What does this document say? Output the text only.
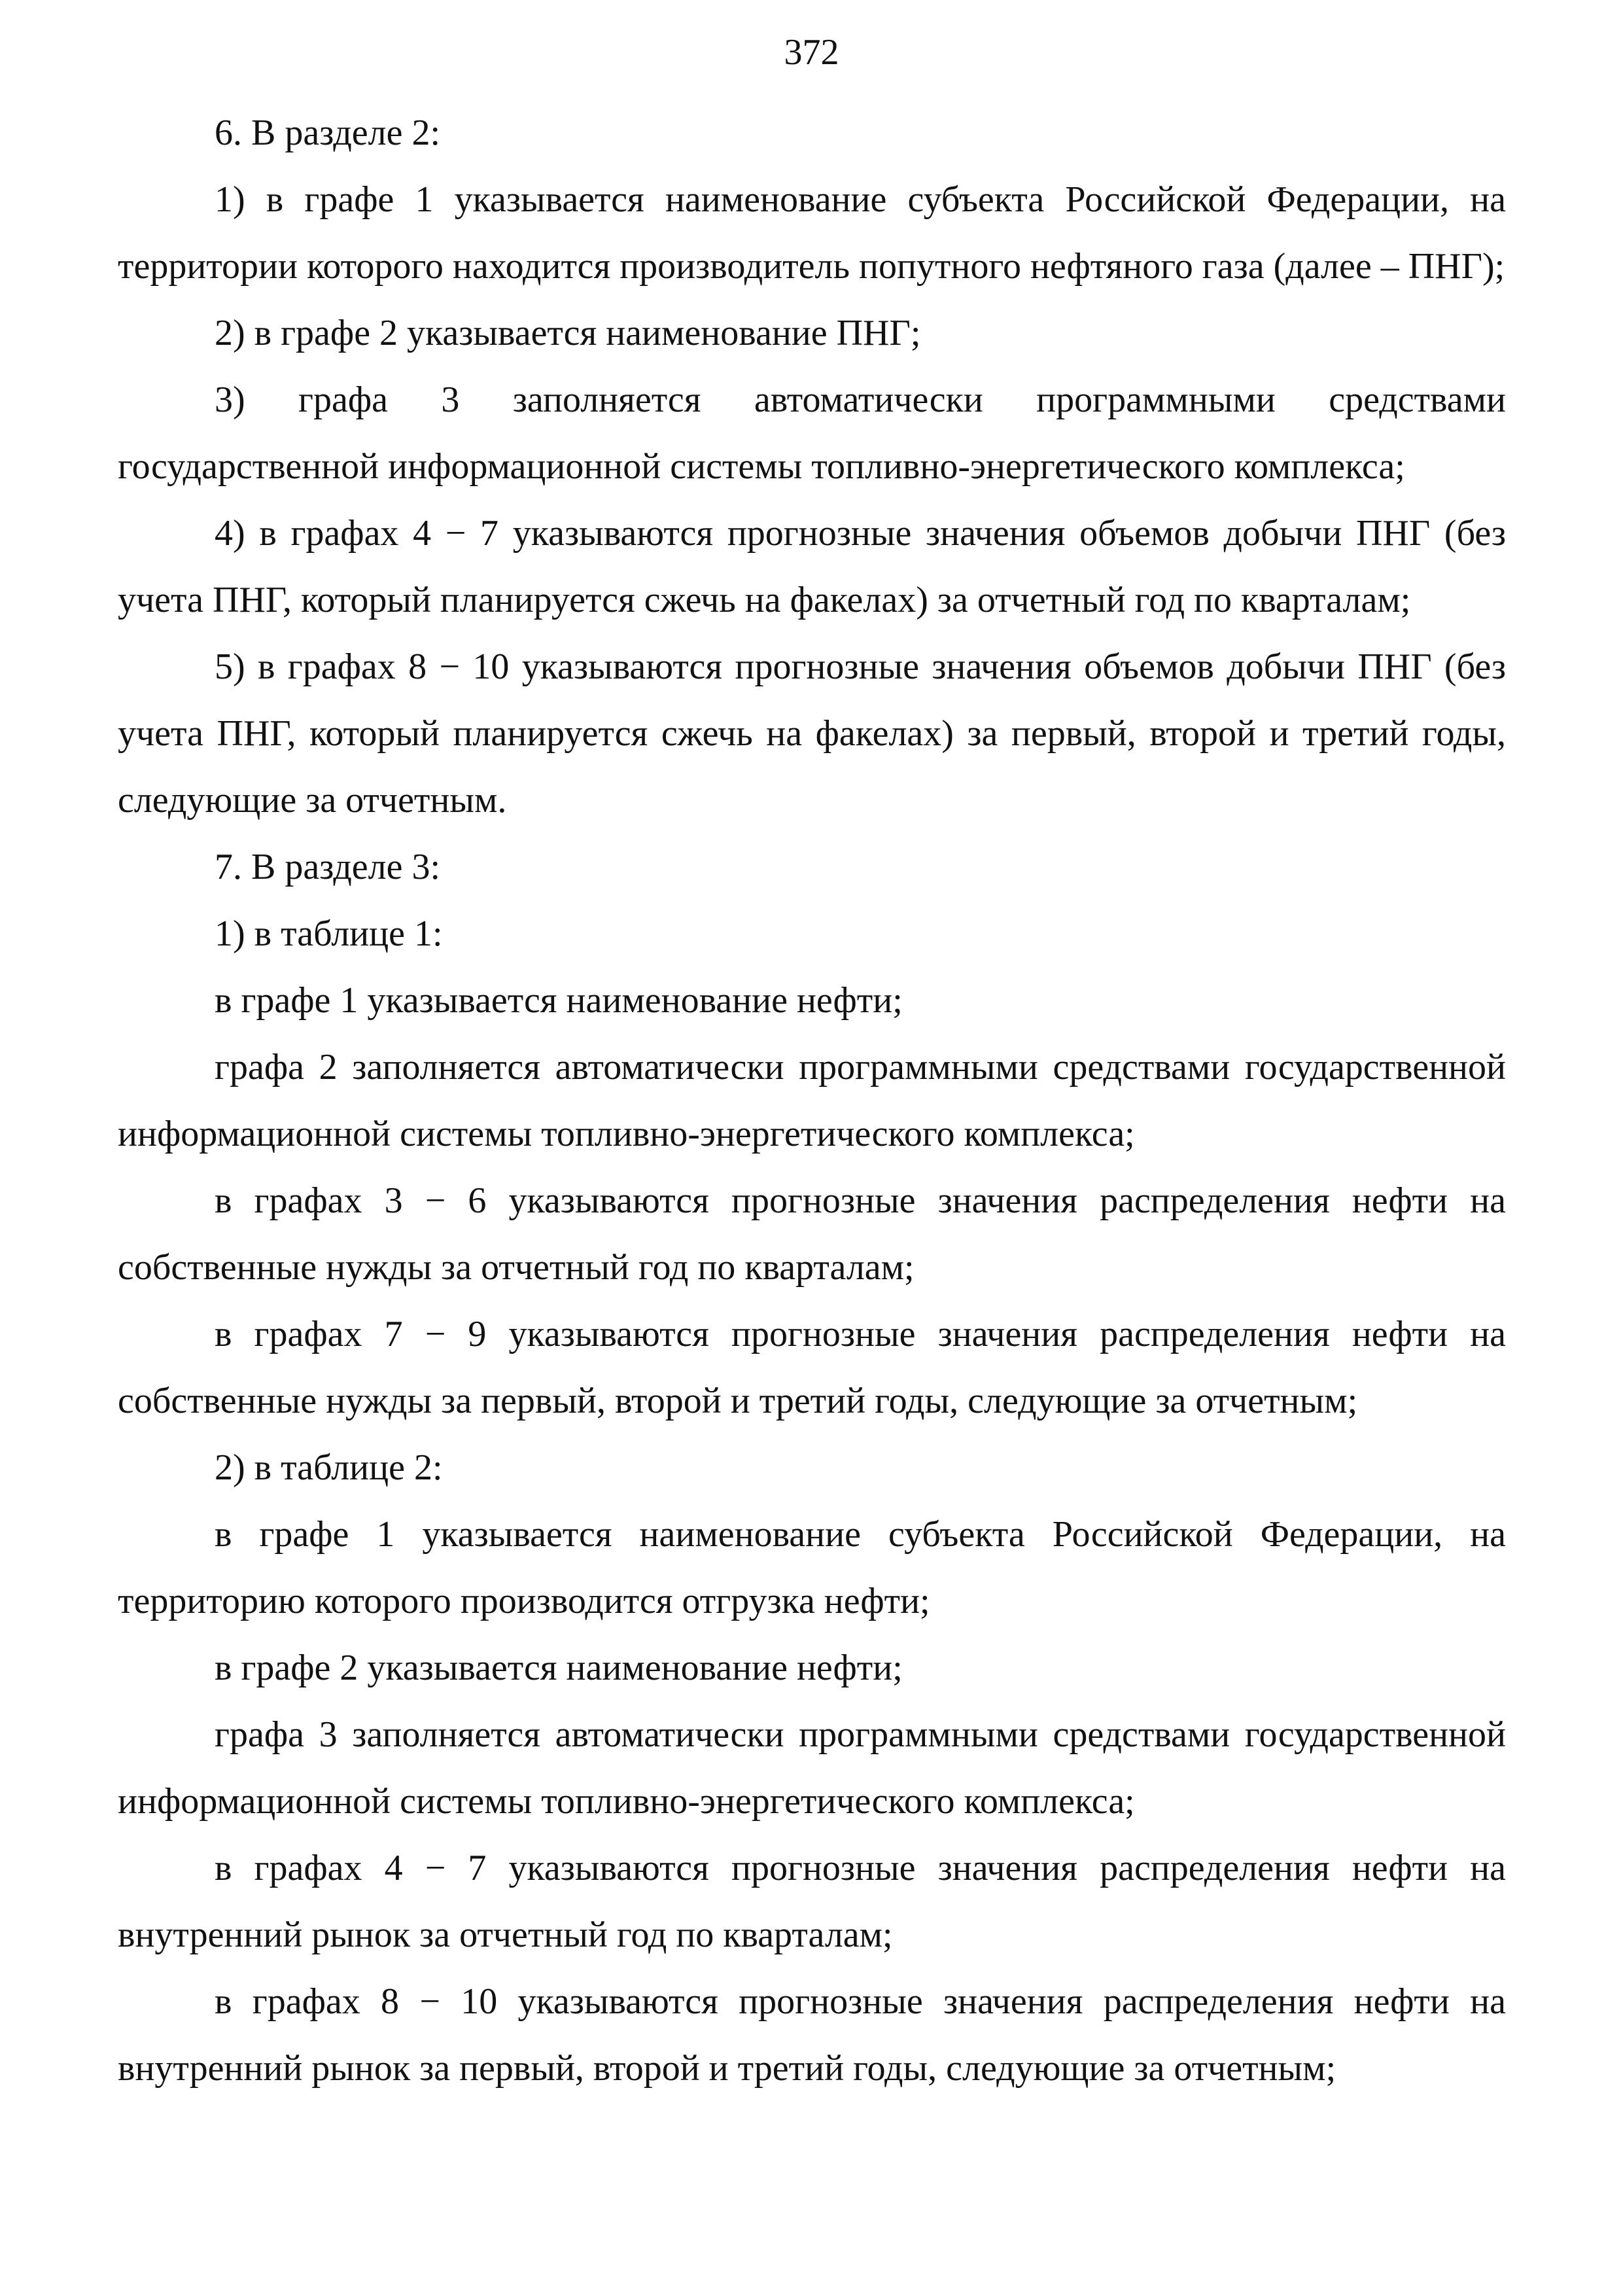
372

6. В разделе 2:

1) в графе 1 указывается наименование субъекта Российской Федерации, на территории которого находится производитель попутного нефтяного газа (далее – ПНГ);

2) в графе 2 указывается наименование ПНГ;

3) графа 3 заполняется автоматически программными средствами государственной информационной системы топливно-энергетического комплекса;

4) в графах 4 − 7 указываются прогнозные значения объемов добычи ПНГ (без учета ПНГ, который планируется сжечь на факелах) за отчетный год по кварталам;

5) в графах 8 − 10 указываются прогнозные значения объемов добычи ПНГ (без учета ПНГ, который планируется сжечь на факелах) за первый, второй и третий годы, следующие за отчетным.

7. В разделе 3:

1) в таблице 1:

в графе 1 указывается наименование нефти;

графа 2 заполняется автоматически программными средствами государственной информационной системы топливно-энергетического комплекса;

в графах 3 − 6 указываются прогнозные значения распределения нефти на собственные нужды за отчетный год по кварталам;

в графах 7 − 9 указываются прогнозные значения распределения нефти на собственные нужды за первый, второй и третий годы, следующие за отчетным;

2) в таблице 2:

в графе 1 указывается наименование субъекта Российской Федерации, на территорию которого производится отгрузка нефти;

в графе 2 указывается наименование нефти;

графа 3 заполняется автоматически программными средствами государственной информационной системы топливно-энергетического комплекса;

в графах 4 − 7 указываются прогнозные значения распределения нефти на внутренний рынок за отчетный год по кварталам;

в графах 8 − 10 указываются прогнозные значения распределения нефти на внутренний рынок за первый, второй и третий годы, следующие за отчетным;
